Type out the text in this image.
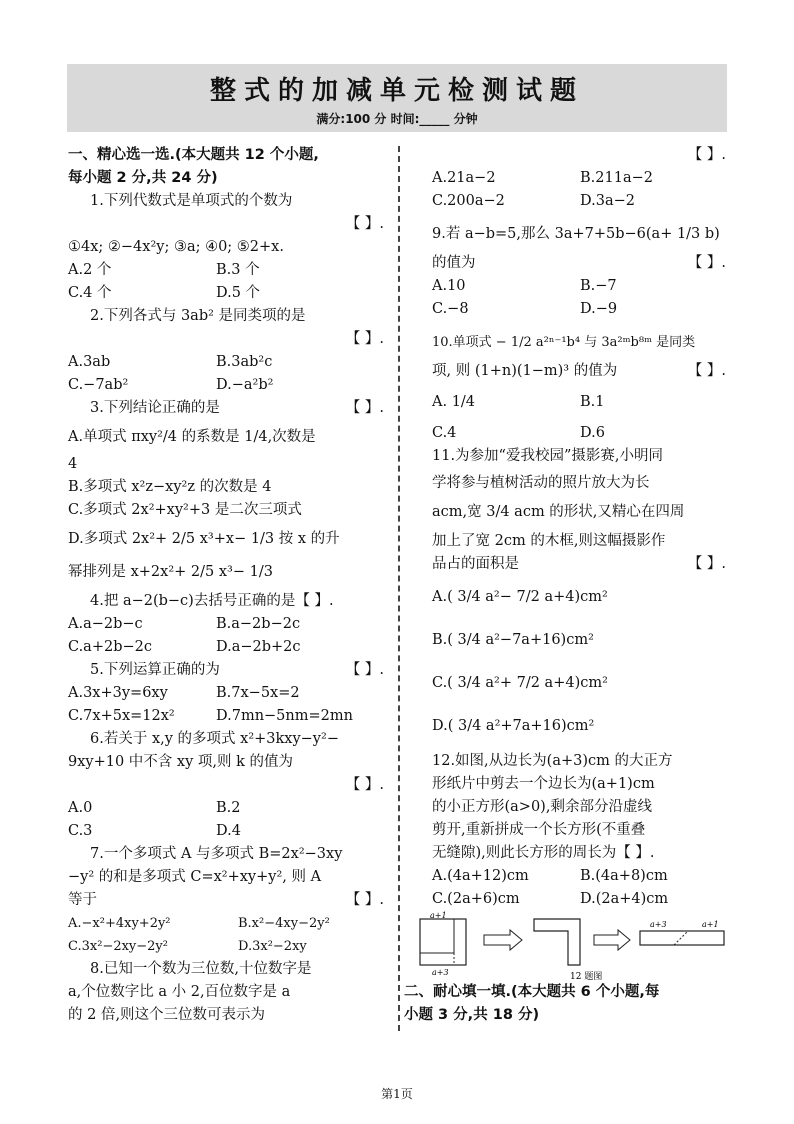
整式的加减单元检测试题
满分:100 分 时间:_____ 分钟
一、精心选一选.(本大题共 12 个小题,
每小题 2 分,共 24 分)
1.下列代数式是单项式的个数为
【 】.
①4x; ②−4x²y; ③a; ④0; ⑤2+x.
A.2 个	B.3 个
C.4 个	D.5 个
2.下列各式与 3ab² 是同类项的是
【 】.
A.3ab	B.3ab²c
C.−7ab²	D.−a²b²
3.下列结论正确的是	【 】.
A.单项式 πxy²/4 的系数是 1/4,次数是
4
B.多项式 x²z−xy²z 的次数是 4
C.多项式 2x²+xy²+3 是二次三项式
D.多项式 2x²+ 2/5 x³+x− 1/3 按 x 的升
幂排列是 x+2x²+ 2/5 x³− 1/3
4.把 a−2(b−c)去括号正确的是【 】.
A.a−2b−c	B.a−2b−2c
C.a+2b−2c	D.a−2b+2c
5.下列运算正确的为	【 】.
A.3x+3y=6xy	B.7x−5x=2
C.7x+5x=12x²	D.7mn−5nm=2mn
6.若关于 x,y 的多项式 x²+3kxy−y²−
9xy+10 中不含 xy 项,则 k 的值为
【 】.
A.0	B.2
C.3	D.4
7.一个多项式 A 与多项式 B=2x²−3xy
−y² 的和是多项式 C=x²+xy+y², 则 A
等于	【 】.
A.−x²+4xy+2y²	B.x²−4xy−2y²
C.3x²−2xy−2y²	D.3x²−2xy
8.已知一个数为三位数,十位数字是
a,个位数字比 a 小 2,百位数字是 a
的 2 倍,则这个三位数可表示为
【 】.
A.21a−2	B.211a−2
C.200a−2	D.3a−2
9.若 a−b=5,那么 3a+7+5b−6(a+ 1/3 b)
的值为	【 】.
A.10	B.−7
C.−8	D.−9
10.单项式 − 1/2 a²ⁿ⁻¹b⁴ 与 3a²ᵐb⁸ᵐ 是同类
项, 则 (1+n)(1−m)³ 的值为	【 】.
A. 1/4	B.1
C.4	D.6
11.为参加“爱我校园”摄影赛,小明同
学将参与植树活动的照片放大为长
acm,宽 3/4 acm 的形状,又精心在四周
加上了宽 2cm 的木框,则这幅摄影作
品占的面积是	【 】.
A.( 3/4 a²− 7/2 a+4)cm²
B.( 3/4 a²−7a+16)cm²
C.( 3/4 a²+ 7/2 a+4)cm²
D.( 3/4 a²+7a+16)cm²
12.如图,从边长为(a+3)cm 的大正方
形纸片中剪去一个边长为(a+1)cm
的小正方形(a>0),剩余部分沿虚线
剪开,重新拼成一个长方形(不重叠
无缝隙),则此长方形的周长为【 】.
A.(4a+12)cm	B.(4a+8)cm
C.(2a+6)cm	D.(2a+4)cm
a+1
a+3
a+3	a+1
12 题图
二、耐心填一填.(本大题共 6 个小题,每
小题 3 分,共 18 分)
第1页
